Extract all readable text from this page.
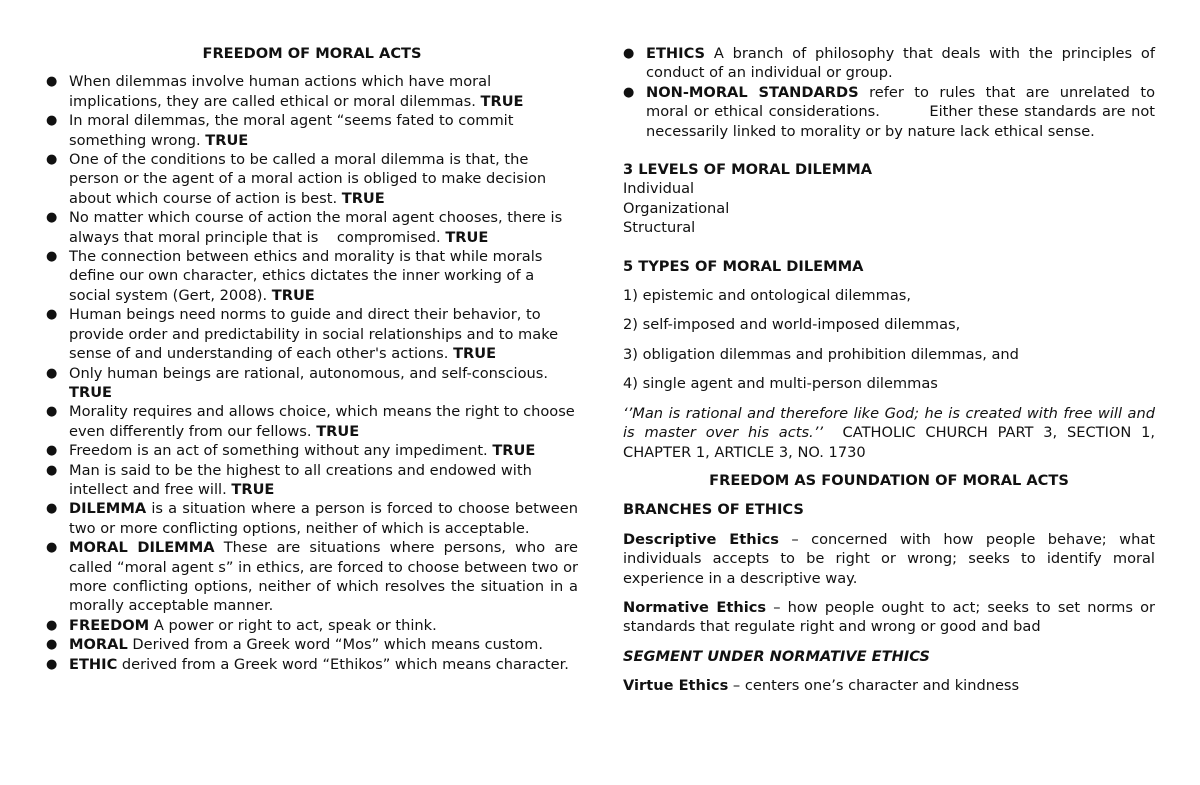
FREEDOM OF MORAL ACTS

● When dilemmas involve human actions which have moral implications, they are called ethical or moral dilemmas. TRUE
● In moral dilemmas, the moral agent “seems fated to commit something wrong. TRUE
● One of the conditions to be called a moral dilemma is that, the person or the agent of a moral action is obliged to make decision about which course of action is best. TRUE
● No matter which course of action the moral agent chooses, there is always that moral principle that is    compromised. TRUE
● The connection between ethics and morality is that while morals define our own character, ethics dictates the inner working of a social system (Gert, 2008). TRUE
● Human beings need norms to guide and direct their behavior, to provide order and predictability in social relationships and to make sense of and understanding of each other's actions. TRUE
● Only human beings are rational, autonomous, and self-conscious. TRUE
● Morality requires and allows choice, which means the right to choose even differently from our fellows. TRUE
● Freedom is an act of something without any impediment. TRUE
● Man is said to be the highest to all creations and endowed with intellect and free will. TRUE
● DILEMMA is a situation where a person is forced to choose between two or more conflicting options, neither of which is acceptable.
● MORAL DILEMMA These are situations where persons, who are called “moral agent s” in ethics, are forced to choose between two or more conflicting options, neither of which resolves the situation in a morally acceptable manner.
● FREEDOM A power or right to act, speak or think.
● MORAL Derived from a Greek word “Mos” which means custom.
● ETHIC derived from a Greek word “Ethikos” which means character.
● ETHICS A branch of philosophy that deals with the principles of conduct of an individual or group.
● NON-MORAL STANDARDS refer to rules that are unrelated to moral or ethical considerations.         Either these standards are not necessarily linked to morality or by nature lack ethical sense.

3 LEVELS OF MORAL DILEMMA

Individual

Organizational

Structural

5 TYPES OF MORAL DILEMMA

1) epistemic and ontological dilemmas,

2) self-imposed and world-imposed dilemmas,

3) obligation dilemmas and prohibition dilemmas, and

4) single agent and multi-person dilemmas

‘’Man is rational and therefore like God; he is created with free will and is master over his acts.’’  CATHOLIC CHURCH PART 3, SECTION 1, CHAPTER 1, ARTICLE 3, NO. 1730

FREEDOM AS FOUNDATION OF MORAL ACTS

BRANCHES OF ETHICS

Descriptive Ethics – concerned with how people behave; what individuals accepts to be right or wrong; seeks to identify moral experience in a descriptive way.

Normative Ethics – how people ought to act; seeks to set norms or standards that regulate right and wrong or good and bad

SEGMENT UNDER NORMATIVE ETHICS

Virtue Ethics – centers one’s character and kindness
